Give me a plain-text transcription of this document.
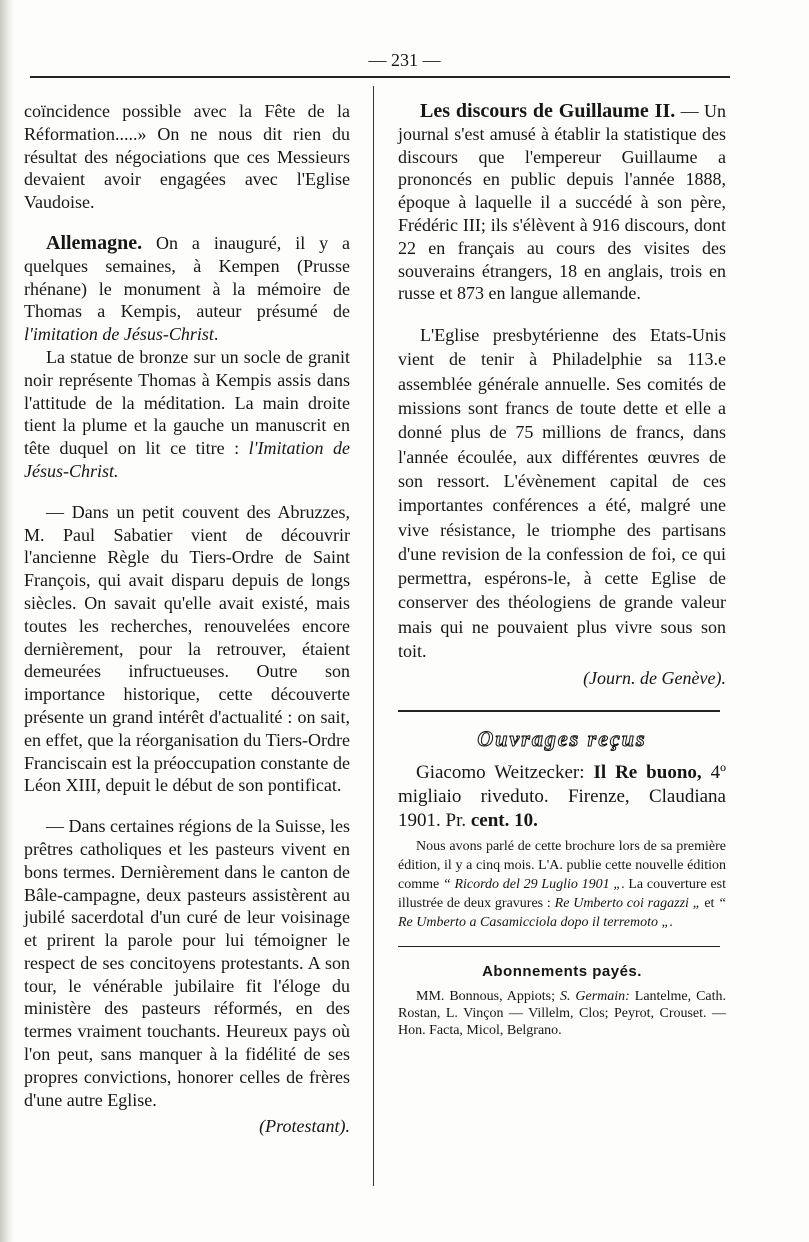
— 231 —

coïncidence possible avec la Fête de la Réformation.....» On ne nous dit rien du résultat des négociations que ces Messieurs devaient avoir engagées avec l'Eglise Vaudoise.

Allemagne. On a inauguré, il y a quelques semaines, à Kempen (Prusse rhénane) le monument à la mémoire de Thomas a Kempis, auteur présumé de l'imitation de Jésus-Christ.

La statue de bronze sur un socle de granit noir représente Thomas à Kempis assis dans l'attitude de la méditation. La main droite tient la plume et la gauche un manuscrit en tête duquel on lit ce titre : l'Imitation de Jésus-Christ.

— Dans un petit couvent des Abruzzes, M. Paul Sabatier vient de découvrir l'ancienne Règle du Tiers-Ordre de Saint François, qui avait disparu depuis de longs siècles. On savait qu'elle avait existé, mais toutes les recherches, renouvelées encore dernièrement, pour la retrouver, étaient demeurées infructueuses. Outre son importance historique, cette découverte présente un grand intérêt d'actualité : on sait, en effet, que la réorganisation du Tiers-Ordre Franciscain est la préoccupation constante de Léon XIII, depuit le début de son pontificat.

— Dans certaines régions de la Suisse, les prêtres catholiques et les pasteurs vivent en bons termes. Dernièrement dans le canton de Bâle-campagne, deux pasteurs assistèrent au jubilé sacerdotal d'un curé de leur voisinage et prirent la parole pour lui témoigner le respect de ses concitoyens protestants. A son tour, le vénérable jubilaire fit l'éloge du ministère des pasteurs réformés, en des termes vraiment touchants. Heureux pays où l'on peut, sans manquer à la fidélité de ses propres convictions, honorer celles de frères d'une autre Eglise.

(Protestant).

Les discours de Guillaume II. — Un journal s'est amusé à établir la statistique des discours que l'empereur Guillaume a prononcés en public depuis l'année 1888, époque à laquelle il a succédé à son père, Frédéric III; ils s'élèvent à 916 discours, dont 22 en français au cours des visites des souverains étrangers, 18 en anglais, trois en russe et 873 en langue allemande.

L'Eglise presbytérienne des Etats-Unis vient de tenir à Philadelphie sa 113.e assemblée générale annuelle. Ses comités de missions sont francs de toute dette et elle a donné plus de 75 millions de francs, dans l'année écoulée, aux différentes œuvres de son ressort. L'évènement capital de ces importantes conférences a été, malgré une vive résistance, le triomphe des partisans d'une revision de la confession de foi, ce qui permettra, espérons-le, à cette Eglise de conserver des théologiens de grande valeur mais qui ne pouvaient plus vivre sous son toit.

(Journ. de Genève).

Ouvrages reçus

Giacomo Weitzecker: Il Re buono, 4º migliaio riveduto. Firenze, Claudiana 1901. Pr. cent. 10.

Nous avons parlé de cette brochure lors de sa première édition, il y a cinq mois. L'A. publie cette nouvelle édition comme “ Ricordo del 29 Luglio 1901 „. La couverture est illustrée de deux gravures : Re Umberto coi ragazzi „ et “ Re Umberto a Casamicciola dopo il terremoto „.

Abonnements payés.

MM. Bonnous, Appiots; S. Germain: Lantelme, Cath. Rostan, L. Vinçon — Villelm, Clos; Peyrot, Crouset. — Hon. Facta, Micol, Belgrano.
